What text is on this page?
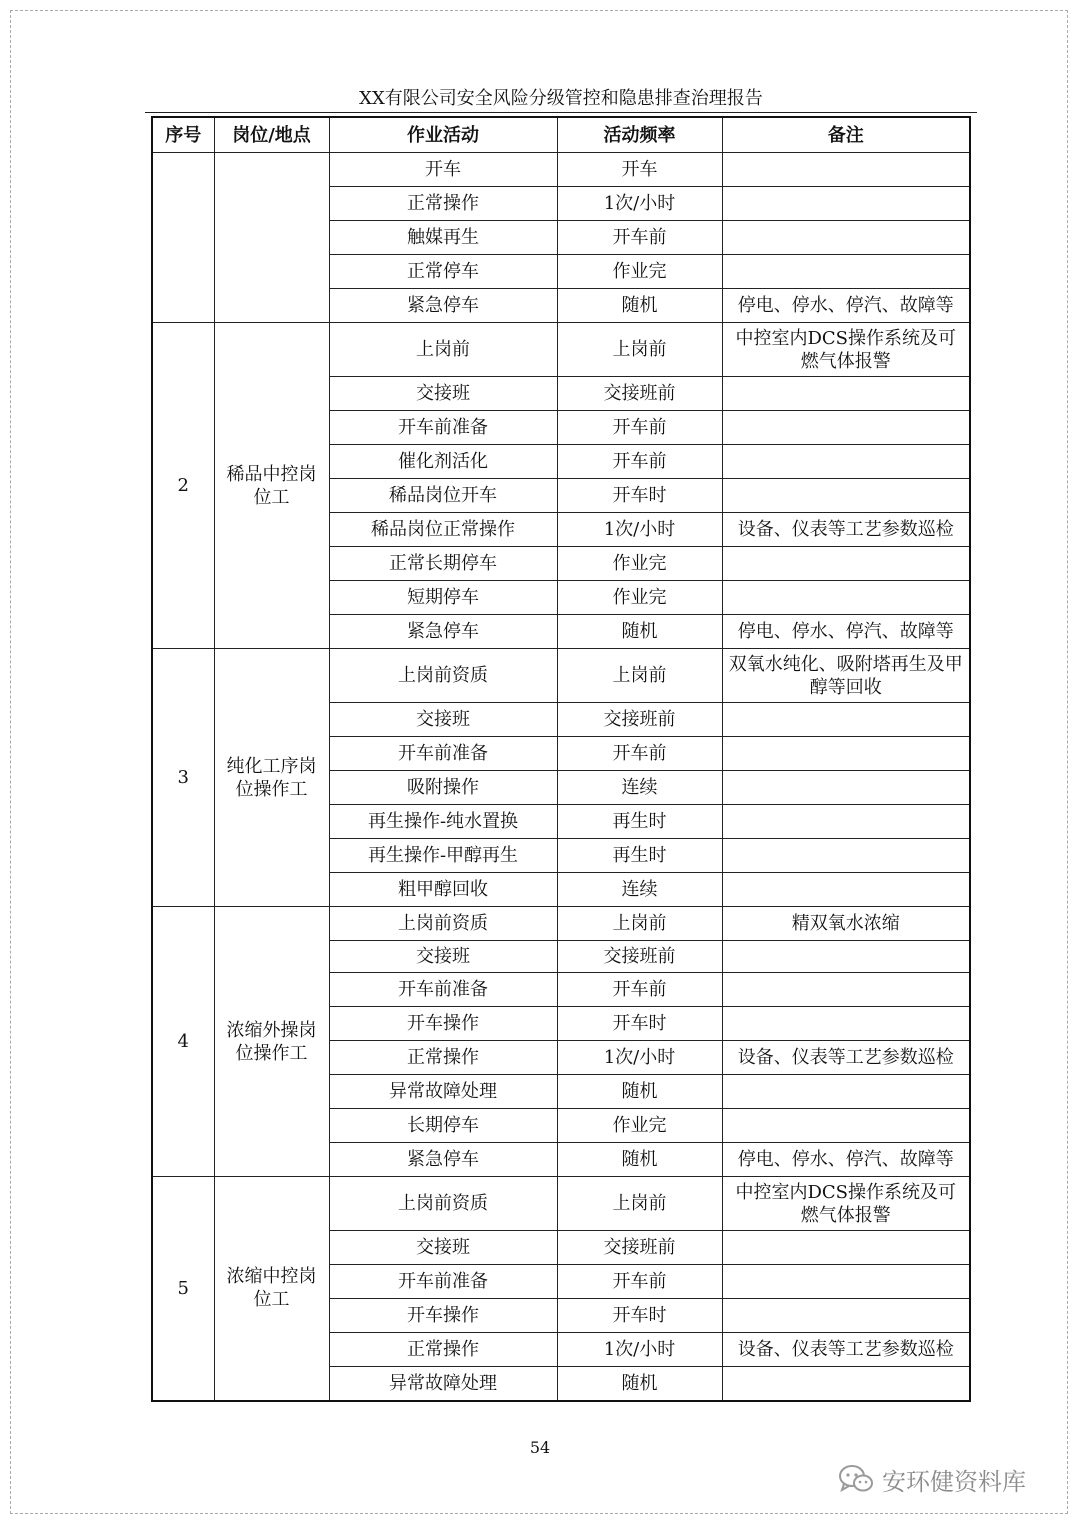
XX有限公司安全风险分级管控和隐患排查治理报告
序号	岗位/地点	作业活动	活动频率	备注
		开车	开车	
		正常操作	1次/小时	
		触媒再生	开车前	
		正常停车	作业完	
		紧急停车	随机	停电、停水、停汽、故障等
2	稀品中控岗位工	上岗前	上岗前	中控室内DCS操作系统及可燃气体报警
		交接班	交接班前	
		开车前准备	开车前	
		催化剂活化	开车前	
		稀品岗位开车	开车时	
		稀品岗位正常操作	1次/小时	设备、仪表等工艺参数巡检
		正常长期停车	作业完	
		短期停车	作业完	
		紧急停车	随机	停电、停水、停汽、故障等
3	纯化工序岗位操作工	上岗前资质	上岗前	双氧水纯化、吸附塔再生及甲醇等回收
		交接班	交接班前	
		开车前准备	开车前	
		吸附操作	连续	
		再生操作-纯水置换	再生时	
		再生操作-甲醇再生	再生时	
		粗甲醇回收	连续	
4	浓缩外操岗位操作工	上岗前资质	上岗前	精双氧水浓缩
		交接班	交接班前	
		开车前准备	开车前	
		开车操作	开车时	
		正常操作	1次/小时	设备、仪表等工艺参数巡检
		异常故障处理	随机	
		长期停车	作业完	
		紧急停车	随机	停电、停水、停汽、故障等
5	浓缩中控岗位工	上岗前资质	上岗前	中控室内DCS操作系统及可燃气体报警
		交接班	交接班前	
		开车前准备	开车前	
		开车操作	开车时	
		正常操作	1次/小时	设备、仪表等工艺参数巡检
		异常故障处理	随机	
54
安环健资料库
